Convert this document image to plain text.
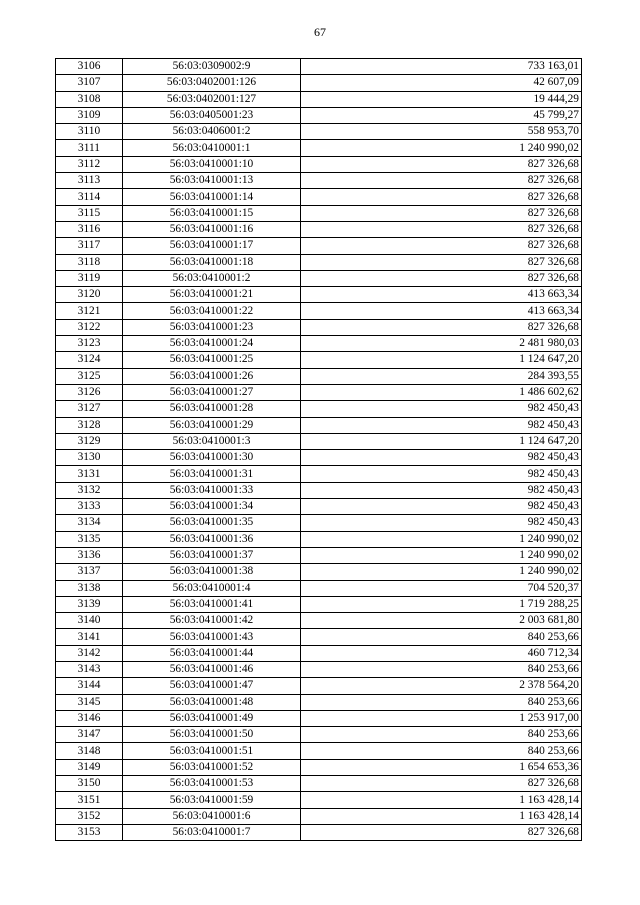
67
3106	56:03:0309002:9	733 163,01
3107	56:03:0402001:126	42 607,09
3108	56:03:0402001:127	19 444,29
3109	56:03:0405001:23	45 799,27
3110	56:03:0406001:2	558 953,70
3111	56:03:0410001:1	1 240 990,02
3112	56:03:0410001:10	827 326,68
3113	56:03:0410001:13	827 326,68
3114	56:03:0410001:14	827 326,68
3115	56:03:0410001:15	827 326,68
3116	56:03:0410001:16	827 326,68
3117	56:03:0410001:17	827 326,68
3118	56:03:0410001:18	827 326,68
3119	56:03:0410001:2	827 326,68
3120	56:03:0410001:21	413 663,34
3121	56:03:0410001:22	413 663,34
3122	56:03:0410001:23	827 326,68
3123	56:03:0410001:24	2 481 980,03
3124	56:03:0410001:25	1 124 647,20
3125	56:03:0410001:26	284 393,55
3126	56:03:0410001:27	1 486 602,62
3127	56:03:0410001:28	982 450,43
3128	56:03:0410001:29	982 450,43
3129	56:03:0410001:3	1 124 647,20
3130	56:03:0410001:30	982 450,43
3131	56:03:0410001:31	982 450,43
3132	56:03:0410001:33	982 450,43
3133	56:03:0410001:34	982 450,43
3134	56:03:0410001:35	982 450,43
3135	56:03:0410001:36	1 240 990,02
3136	56:03:0410001:37	1 240 990,02
3137	56:03:0410001:38	1 240 990,02
3138	56:03:0410001:4	704 520,37
3139	56:03:0410001:41	1 719 288,25
3140	56:03:0410001:42	2 003 681,80
3141	56:03:0410001:43	840 253,66
3142	56:03:0410001:44	460 712,34
3143	56:03:0410001:46	840 253,66
3144	56:03:0410001:47	2 378 564,20
3145	56:03:0410001:48	840 253,66
3146	56:03:0410001:49	1 253 917,00
3147	56:03:0410001:50	840 253,66
3148	56:03:0410001:51	840 253,66
3149	56:03:0410001:52	1 654 653,36
3150	56:03:0410001:53	827 326,68
3151	56:03:0410001:59	1 163 428,14
3152	56:03:0410001:6	1 163 428,14
3153	56:03:0410001:7	827 326,68
